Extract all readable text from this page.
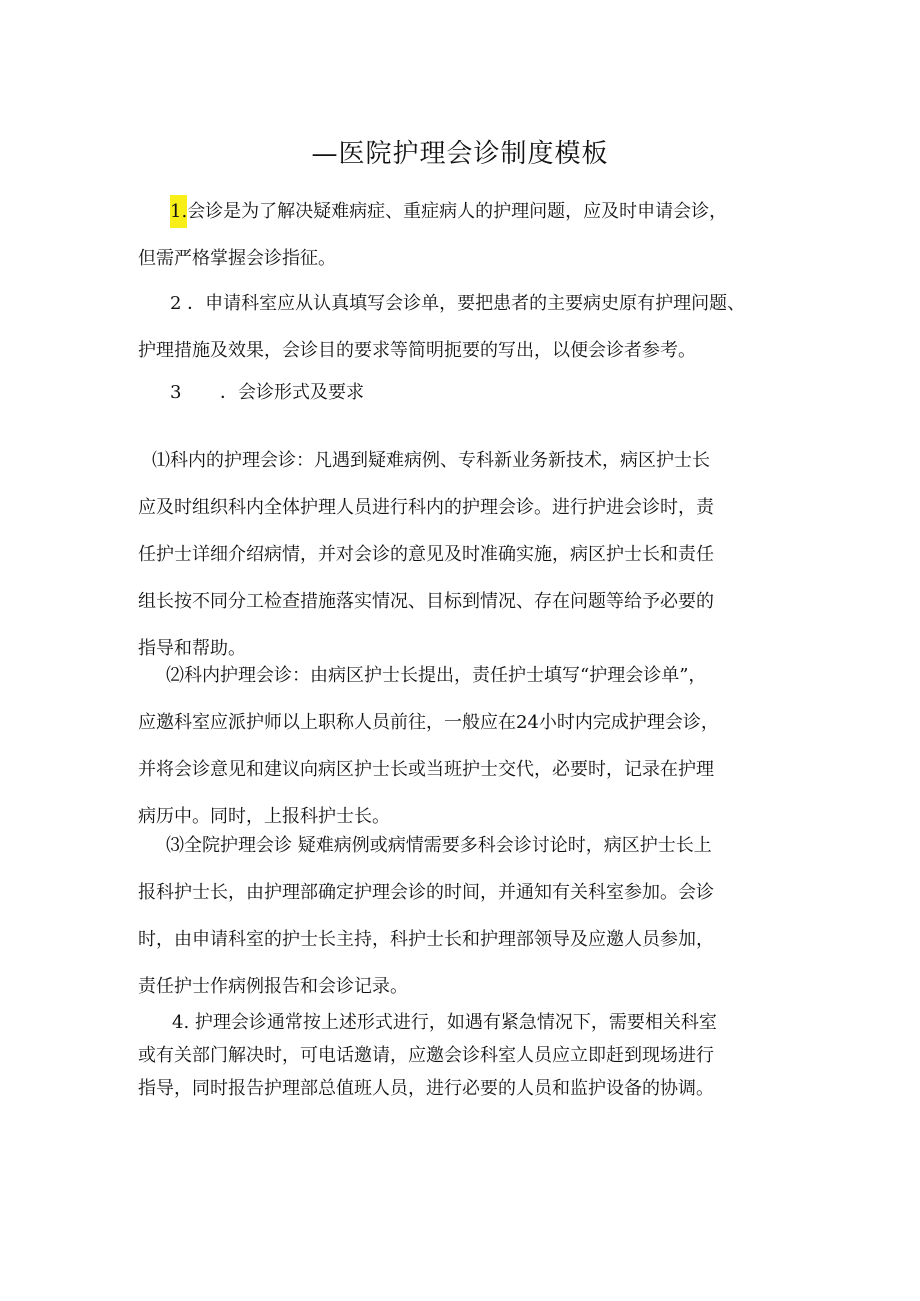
—医院护理会诊制度模板
1.会诊是为了解决疑难病症、重症病人的护理问题，应及时申请会诊，
但需严格掌握会诊指征。
2 ．申请科室应从认真填写会诊单，要把患者的主要病史原有护理问题、
护理措施及效果，会诊目的要求等简明扼要的写出，以便会诊者参考。
3 ．会诊形式及要求
⑴科内的护理会诊：凡遇到疑难病例、专科新业务新技术，病区护士长
应及时组织科内全体护理人员进行科内的护理会诊。进行护进会诊时，责
任护士详细介绍病情，并对会诊的意见及时准确实施，病区护士长和责任
组长按不同分工检查措施落实情况、目标到情况、存在问题等给予必要的
指导和帮助。
⑵科内护理会诊：由病区护士长提出，责任护士填写“护理会诊单”，
应邀科室应派护师以上职称人员前往，一般应在24小时内完成护理会诊，
并将会诊意见和建议向病区护士长或当班护士交代，必要时，记录在护理
病历中。同时，上报科护士长。
⑶全院护理会诊 疑难病例或病情需要多科会诊讨论时，病区护士长上
报科护士长，由护理部确定护理会诊的时间，并通知有关科室参加。会诊
时，由申请科室的护士长主持，科护士长和护理部领导及应邀人员参加，
责任护士作病例报告和会诊记录。
4. 护理会诊通常按上述形式进行，如遇有紧急情况下，需要相关科室
或有关部门解决时，可电话邀请，应邀会诊科室人员应立即赶到现场进行
指导，同时报告护理部总值班人员，进行必要的人员和监护设备的协调。
